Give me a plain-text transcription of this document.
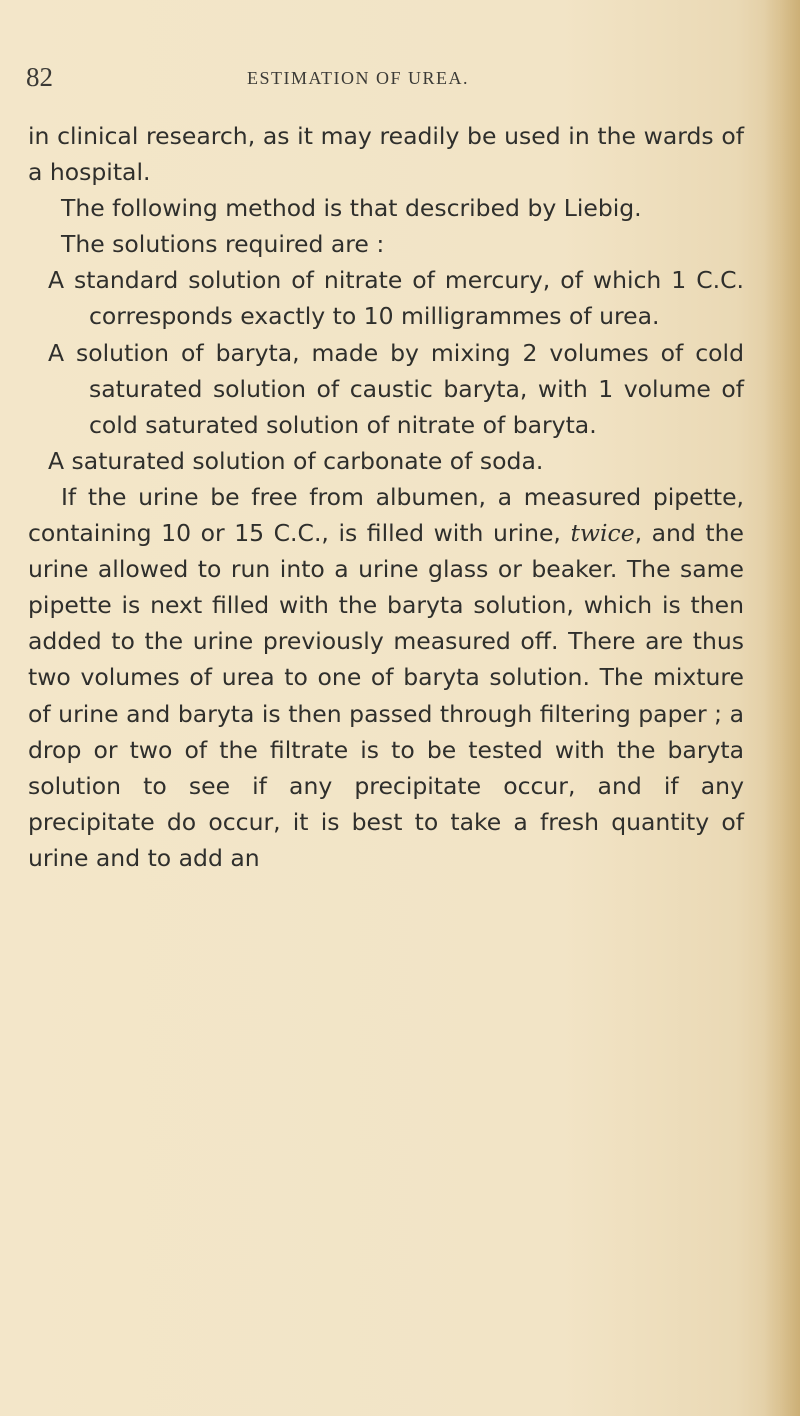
82	ESTIMATION OF UREA.

in clinical research, as it may readily be used in the wards of a hospital.

The following method is that described by Liebig.

The solutions required are :

A standard solution of nitrate of mercury, of which 1 C.C. corresponds exactly to 10 milligrammes of urea.

A solution of baryta, made by mixing 2 volumes of cold saturated solution of caustic baryta, with 1 volume of cold saturated solution of nitrate of baryta.

A saturated solution of carbonate of soda.

If the urine be free from albumen, a measured pipette, containing 10 or 15 C.C., is filled with urine, twice, and the urine allowed to run into a urine glass or beaker. The same pipette is next filled with the baryta solution, which is then added to the urine previously measured off. There are thus two volumes of urea to one of baryta solution. The mixture of urine and baryta is then passed through filtering paper ; a drop or two of the filtrate is to be tested with the baryta solution to see if any precipitate occur, and if any precipitate do occur, it is best to take a fresh quantity of urine and to add an
